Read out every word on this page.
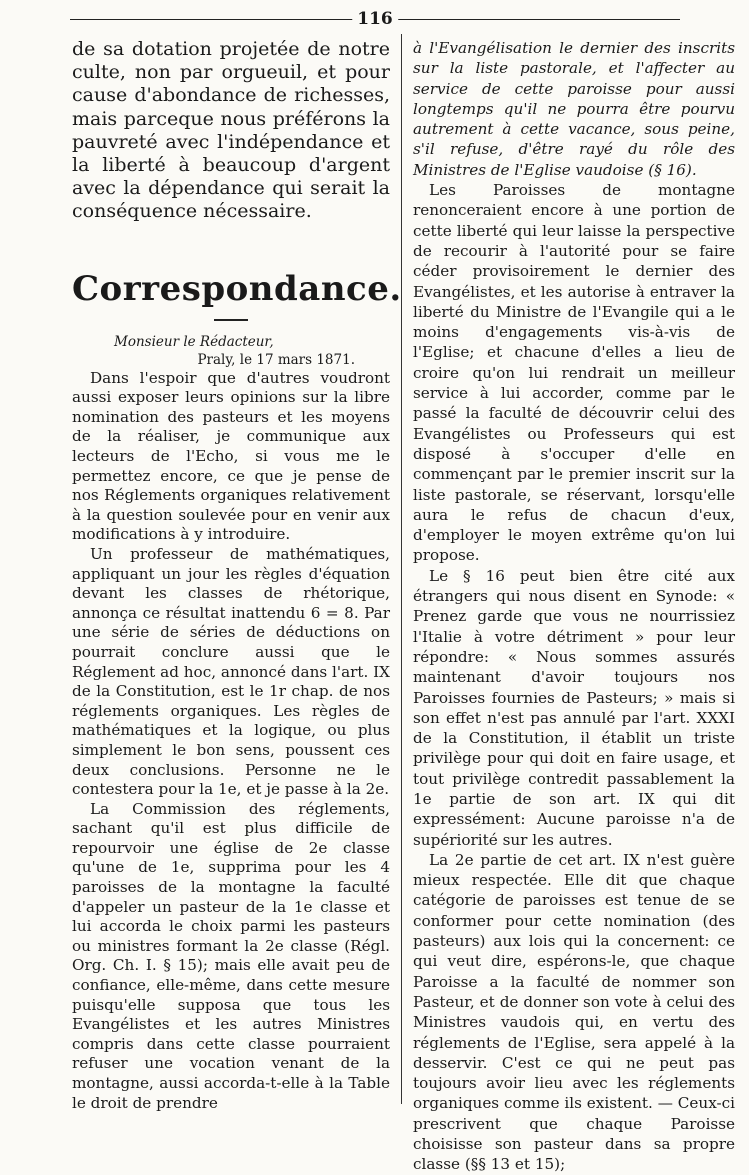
116

de sa dotation projetée de notre culte, non par orgueuil, et pour cause d'abondance de richesses, mais parceque nous préférons la pauvreté avec l'indépendance et la liberté à beaucoup d'argent avec la dépendance qui serait la conséquence nécessaire.

Correspondance.
Monsieur le Rédacteur,
Praly, le 17 mars 1871.

Dans l'espoir que d'autres voudront aussi exposer leurs opinions sur la libre nomination des pasteurs et les moyens de la réaliser, je communique aux lecteurs de l'Echo, si vous me le permettez encore, ce que je pense de nos Réglements organiques relativement à la question soulevée pour en venir aux modifications à y introduire.

Un professeur de mathématiques, appliquant un jour les règles d'équation devant les classes de rhétorique, annonça ce résultat inattendu 6 = 8. Par une série de séries de déductions on pourrait conclure aussi que le Réglement ad hoc, annoncé dans l'art. IX de la Constitution, est le 1r chap. de nos réglements organiques. Les règles de mathématiques et la logique, ou plus simplement le bon sens, poussent ces deux conclusions. Personne ne le contestera pour la 1e, et je passe à la 2e.

La Commission des réglements, sachant qu'il est plus difficile de repourvoir une église de 2e classe qu'une de 1e, supprima pour les 4 paroisses de la montagne la faculté d'appeler un pasteur de la 1e classe et lui accorda le choix parmi les pasteurs ou ministres formant la 2e classe (Régl. Org. Ch. I. § 15); mais elle avait peu de confiance, elle-même, dans cette mesure puisqu'elle supposa que tous les Evangélistes et les autres Ministres compris dans cette classe pourraient refuser une vocation venant de la montagne, aussi accorda-t-elle à la Table le droit de prendre

à l'Evangélisation le dernier des inscrits sur la liste pastorale, et l'affecter au service de cette paroisse pour aussi longtemps qu'il ne pourra être pourvu autrement à cette vacance, sous peine, s'il refuse, d'être rayé du rôle des Ministres de l'Eglise vaudoise (§ 16).

Les Paroisses de montagne renonceraient encore à une portion de cette liberté qui leur laisse la perspective de recourir à l'autorité pour se faire céder provisoirement le dernier des Evangélistes, et les autorise à entraver la liberté du Ministre de l'Evangile qui a le moins d'engagements vis-à-vis de l'Eglise; et chacune d'elles a lieu de croire qu'on lui rendrait un meilleur service à lui accorder, comme par le passé la faculté de découvrir celui des Evangélistes ou Professeurs qui est disposé à s'occuper d'elle en commençant par le premier inscrit sur la liste pastorale, se réservant, lorsqu'elle aura le refus de chacun d'eux, d'employer le moyen extrême qu'on lui propose.

Le § 16 peut bien être cité aux étrangers qui nous disent en Synode: « Prenez garde que vous ne nourrissiez l'Italie à votre détriment » pour leur répondre: « Nous sommes assurés maintenant d'avoir toujours nos Paroisses fournies de Pasteurs; » mais si son effet n'est pas annulé par l'art. XXXI de la Constitution, il établit un triste privilège pour qui doit en faire usage, et tout privilège contredit passablement la 1e partie de son art. IX qui dit expressément: Aucune paroisse n'a de supériorité sur les autres.

La 2e partie de cet art. IX n'est guère mieux respectée. Elle dit que chaque catégorie de paroisses est tenue de se conformer pour cette nomination (des pasteurs) aux lois qui la concernent: ce qui veut dire, espérons-le, que chaque Paroisse a la faculté de nommer son Pasteur, et de donner son vote à celui des Ministres vaudois qui, en vertu des réglements de l'Eglise, sera appelé à la desservir. C'est ce qui ne peut pas toujours avoir lieu avec les réglements organiques comme ils existent. — Ceux-ci prescrivent que chaque Paroisse choisisse son pasteur dans sa propre classe (§§ 13 et 15);
